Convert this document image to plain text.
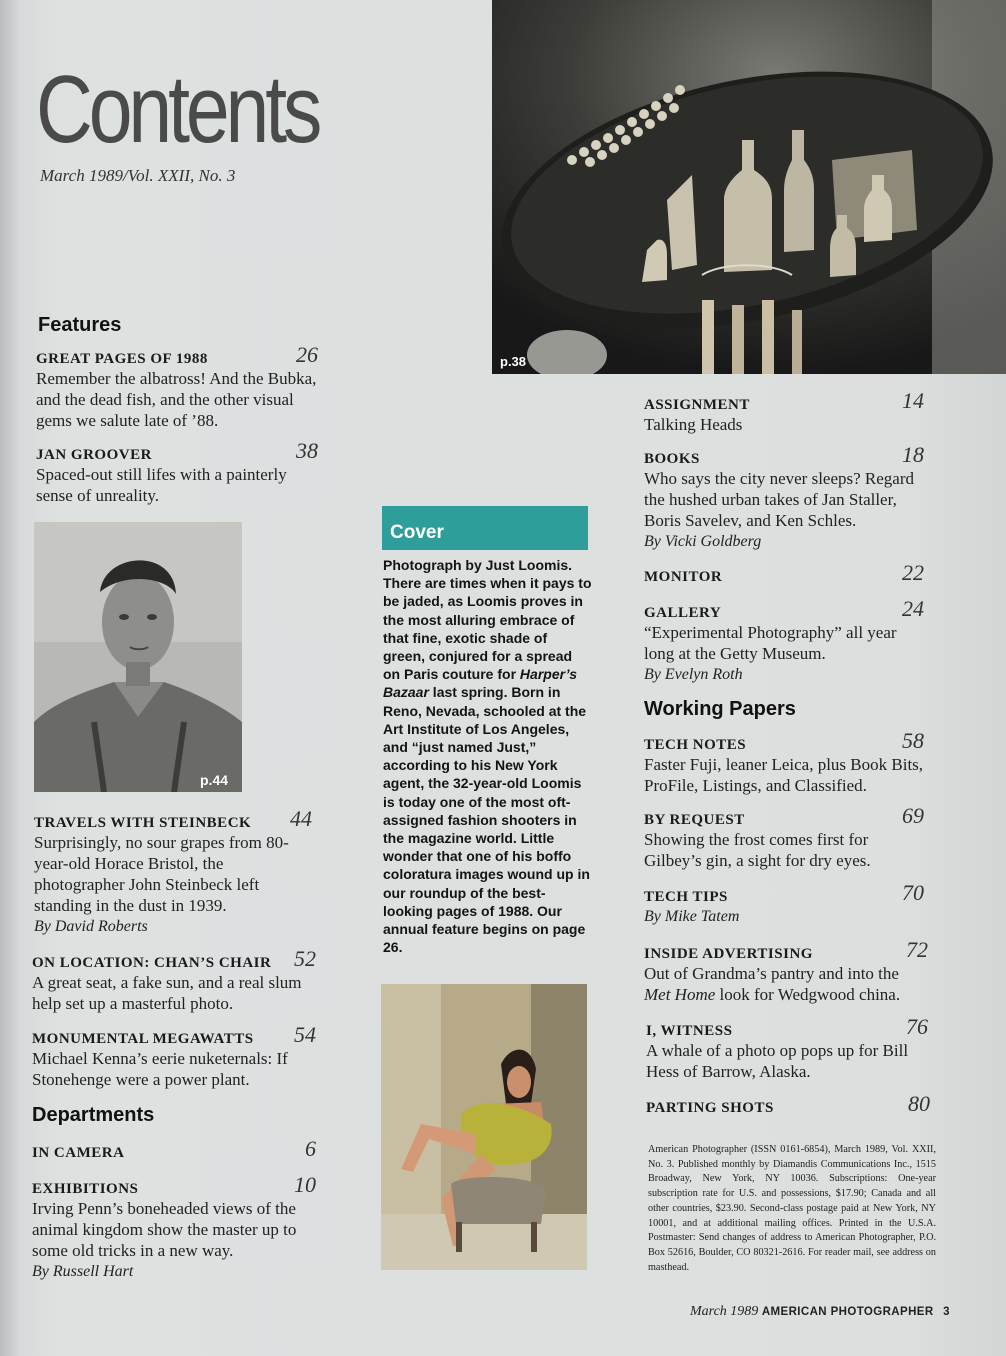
Contents
March 1989/Vol. XXII, No. 3
p.38
Features
GREAT PAGES OF 1988	26
Remember the albatross! And the Bubka, and the dead fish, and the other visual gems we salute late of ’88.
JAN GROOVER	38
Spaced-out still lifes with a painterly sense of unreality.
p.44
TRAVELS WITH STEINBECK	44
Surprisingly, no sour grapes from 80-year-old Horace Bristol, the photographer John Steinbeck left standing in the dust in 1939.
By David Roberts
ON LOCATION: CHAN’S CHAIR	52
A great seat, a fake sun, and a real slum help set up a masterful photo.
MONUMENTAL MEGAWATTS	54
Michael Kenna’s eerie nuketernals: If Stonehenge were a power plant.
Departments
IN CAMERA	6
EXHIBITIONS	10
Irving Penn’s boneheaded views of the animal kingdom show the master up to some old tricks in a new way.
By Russell Hart
Cover
Photograph by Just Loomis. There are times when it pays to be jaded, as Loomis proves in the most alluring embrace of that fine, exotic shade of green, conjured for a spread on Paris couture for Harper’s Bazaar last spring. Born in Reno, Nevada, schooled at the Art Institute of Los Angeles, and “just named Just,” according to his New York agent, the 32-year-old Loomis is today one of the most oft-assigned fashion shooters in the magazine world. Little wonder that one of his boffo coloratura images wound up in our roundup of the best-looking pages of 1988. Our annual feature begins on page 26.
ASSIGNMENT	14
Talking Heads
BOOKS	18
Who says the city never sleeps? Regard the hushed urban takes of Jan Staller, Boris Savelev, and Ken Schles.
By Vicki Goldberg
MONITOR	22
GALLERY	24
“Experimental Photography” all year long at the Getty Museum.
By Evelyn Roth
Working Papers
TECH NOTES	58
Faster Fuji, leaner Leica, plus Book Bits, ProFile, Listings, and Classified.
BY REQUEST	69
Showing the frost comes first for Gilbey’s gin, a sight for dry eyes.
TECH TIPS	70
By Mike Tatem
INSIDE ADVERTISING	72
Out of Grandma’s pantry and into the Met Home look for Wedgwood china.
I, WITNESS	76
A whale of a photo op pops up for Bill Hess of Barrow, Alaska.
PARTING SHOTS	80
American Photographer (ISSN 0161-6854), March 1989, Vol. XXII, No. 3. Published monthly by Diamandis Communications Inc., 1515 Broadway, New York, NY 10036. Subscriptions: One-year subscription rate for U.S. and possessions, $17.90; Canada and all other countries, $23.90. Second-class postage paid at New York, NY 10001, and at additional mailing offices. Printed in the U.S.A. Postmaster: Send changes of address to American Photographer, P.O. Box 52616, Boulder, CO 80321-2616. For reader mail, see address on masthead.
March 1989 AMERICAN PHOTOGRAPHER 3
